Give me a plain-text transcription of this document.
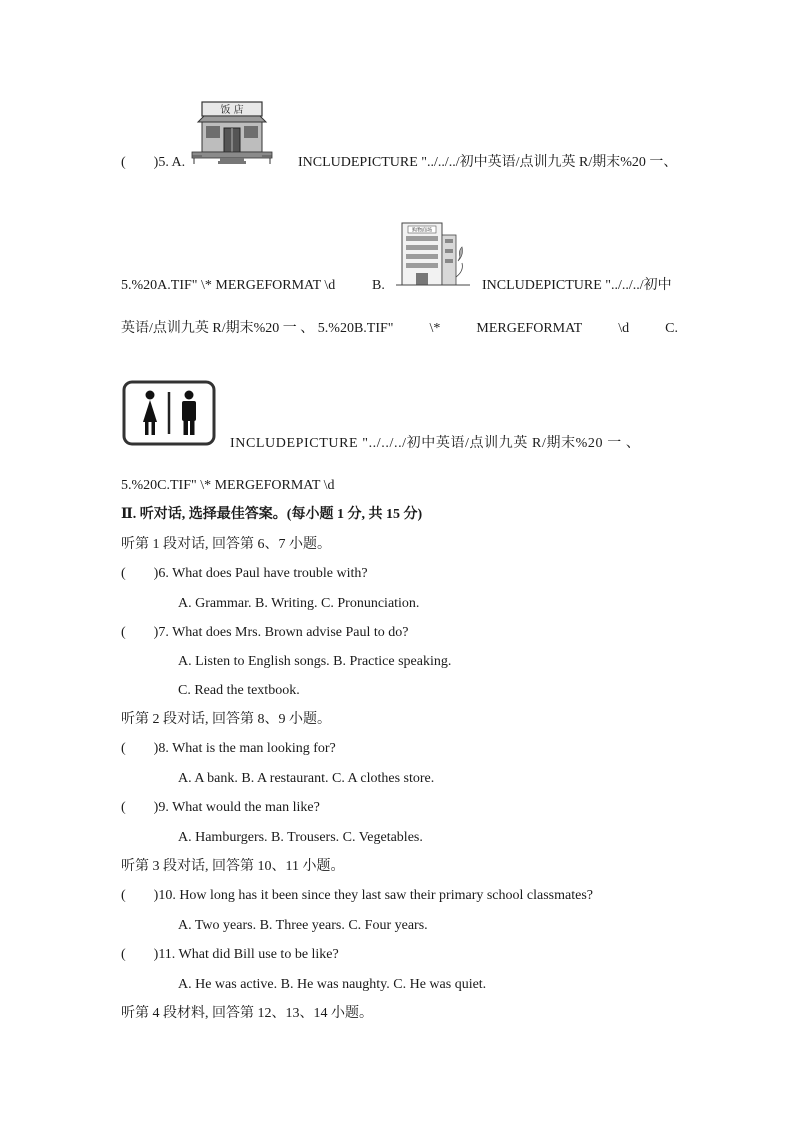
(　　)5. A.
饭 店
INCLUDEPICTURE "../../../初中英语/点训九英 R/期末%20 一、
5.%20A.TIF" \* MERGEFORMAT \d	B.
购物商场
INCLUDEPICTURE "../../../初中
英语/点训九英 R/期末%20 一 、 5.%20B.TIF"	\*	MERGEFORMAT	\d	C.
INCLUDEPICTURE "../../../初中英语/点训九英 R/期末%20 一 、
5.%20C.TIF" \* MERGEFORMAT \d
Ⅱ. 听对话, 选择最佳答案。(每小题 1 分, 共 15 分)
听第 1 段对话, 回答第 6、7 小题。
(　　)6. What does Paul have trouble with?
A. Grammar. B. Writing. C. Pronunciation.
(　　)7. What does Mrs. Brown advise Paul to do?
A. Listen to English songs. B. Practice speaking.
C. Read the textbook.
听第 2 段对话, 回答第 8、9 小题。
(　　)8. What is the man looking for?
A. A bank. B. A restaurant. C. A clothes store.
(　　)9. What would the man like?
A. Hamburgers. B. Trousers. C. Vegetables.
听第 3 段对话, 回答第 10、11 小题。
(　　)10. How long has it been since they last saw their primary school classmates?
A. Two years. B. Three years. C. Four years.
(　　)11. What did Bill use to be like?
A. He was active. B. He was naughty. C. He was quiet.
听第 4 段材料, 回答第 12、13、14 小题。
